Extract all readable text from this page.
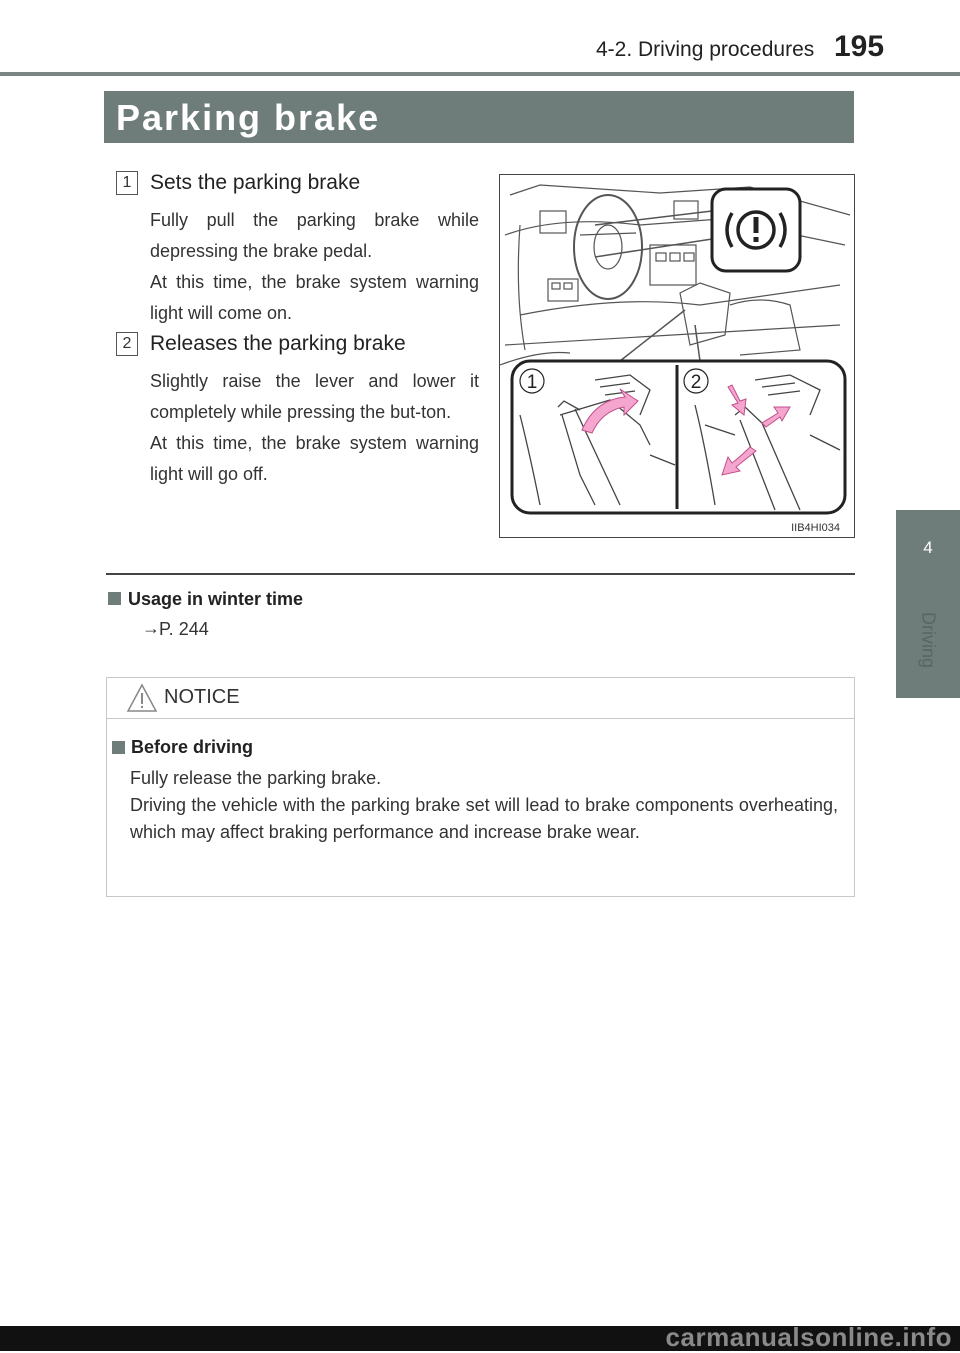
4-2. Driving procedures 195
4
Driving
Parking brake
1 Sets the parking brake
Fully pull the parking brake while depressing the brake pedal.
At this time, the brake system warning light will come on.
2 Releases the parking brake
Slightly raise the lever and lower it completely while pressing the but-ton.
At this time, the brake system warning light will go off.
1	2
IIB4HI034
Usage in winter time
→ P. 244
NOTICE
Before driving

Fully release the parking brake.

Driving the vehicle with the parking brake set will lead to brake components overheating, which may affect braking performance and increase brake wear.

carmanualsonline.info
